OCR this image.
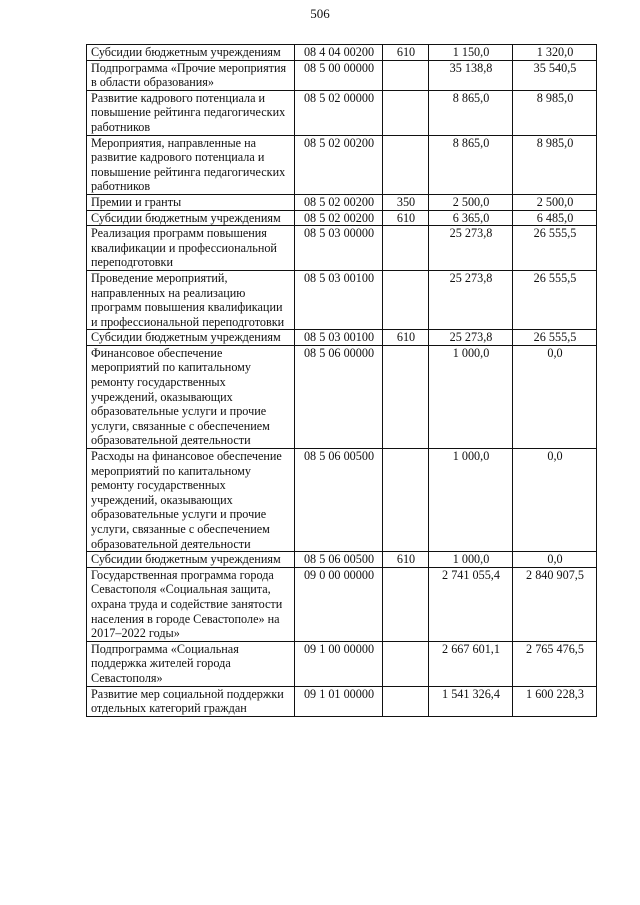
506
Субсидии бюджетным учреждениям	08 4 04 00200	610	1 150,0	1 320,0
Подпрограмма «Прочие мероприятия в области образования»	08 5 00 00000		35 138,8	35 540,5
Развитие кадрового потенциала и повышение рейтинга педагогических работников	08 5 02 00000		8 865,0	8 985,0
Мероприятия, направленные на развитие кадрового потенциала и повышение рейтинга педагогических работников	08 5 02 00200		8 865,0	8 985,0
Премии и гранты	08 5 02 00200	350	2 500,0	2 500,0
Субсидии бюджетным учреждениям	08 5 02 00200	610	6 365,0	6 485,0
Реализация программ повышения квалификации и профессиональной переподготовки	08 5 03 00000		25 273,8	26 555,5
Проведение мероприятий, направленных на реализацию программ повышения квалификации и профессиональной переподготовки	08 5 03 00100		25 273,8	26 555,5
Субсидии бюджетным учреждениям	08 5 03 00100	610	25 273,8	26 555,5
Финансовое обеспечение мероприятий по капитальному ремонту государственных учреждений, оказывающих образовательные услуги и прочие услуги, связанные с обеспечением образовательной деятельности	08 5 06 00000		1 000,0	0,0
Расходы на финансовое обеспечение мероприятий по капитальному ремонту государственных учреждений, оказывающих образовательные услуги и прочие услуги, связанные с обеспечением образовательной деятельности	08 5 06 00500		1 000,0	0,0
Субсидии бюджетным учреждениям	08 5 06 00500	610	1 000,0	0,0
Государственная программа города Севастополя «Социальная защита, охрана труда и содействие занятости населения в городе Севастополе» на 2017–2022 годы»	09 0 00 00000		2 741 055,4	2 840 907,5
Подпрограмма «Социальная поддержка жителей города Севастополя»	09 1 00 00000		2 667 601,1	2 765 476,5
Развитие мер социальной поддержки отдельных категорий граждан	09 1 01 00000		1 541 326,4	1 600 228,3
